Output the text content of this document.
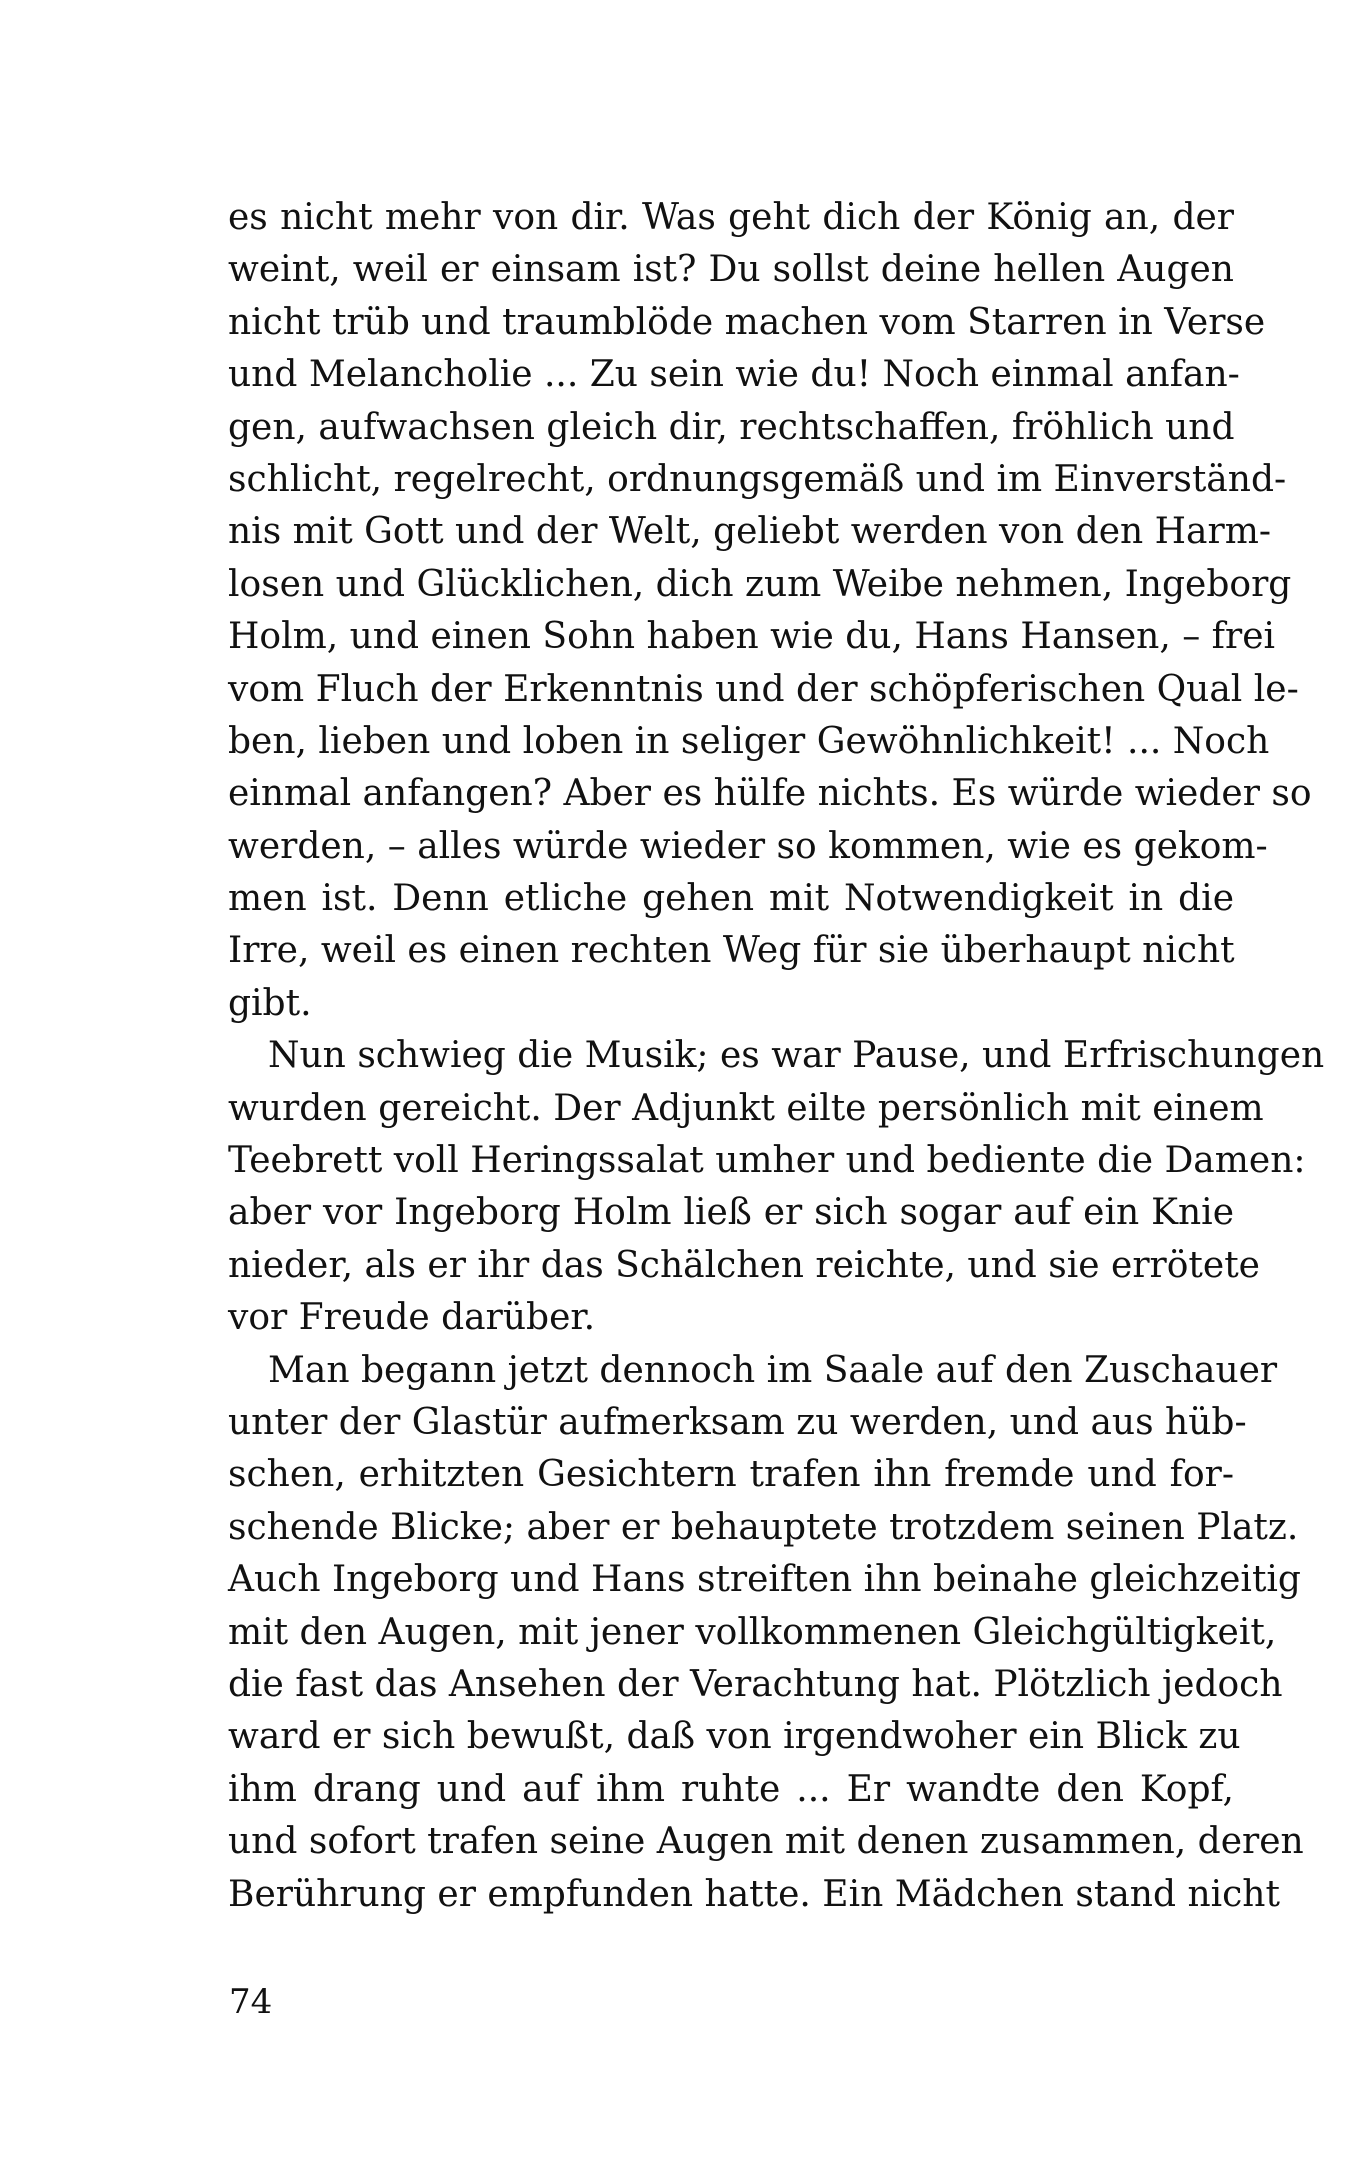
es nicht mehr von dir. Was geht dich der König an, der
weint, weil er einsam ist? Du sollst deine hellen Augen
nicht trüb und traumblöde machen vom Starren in Verse
und Melancholie ... Zu sein wie du! Noch einmal anfan-
gen, aufwachsen gleich dir, rechtschaffen, fröhlich und
schlicht, regelrecht, ordnungsgemäß und im Einverständ-
nis mit Gott und der Welt, geliebt werden von den Harm-
losen und Glücklichen, dich zum Weibe nehmen, Ingeborg
Holm, und einen Sohn haben wie du, Hans Hansen, – frei
vom Fluch der Erkenntnis und der schöpferischen Qual le-
ben, lieben und loben in seliger Gewöhnlichkeit! ... Noch
einmal anfangen? Aber es hülfe nichts. Es würde wieder so
werden, – alles würde wieder so kommen, wie es gekom-
men ist. Denn etliche gehen mit Notwendigkeit in die
Irre, weil es einen rechten Weg für sie überhaupt nicht
gibt.
Nun schwieg die Musik; es war Pause, und Erfrischungen
wurden gereicht. Der Adjunkt eilte persönlich mit einem
Teebrett voll Heringssalat umher und bediente die Damen:
aber vor Ingeborg Holm ließ er sich sogar auf ein Knie
nieder, als er ihr das Schälchen reichte, und sie errötete
vor Freude darüber.
Man begann jetzt dennoch im Saale auf den Zuschauer
unter der Glastür aufmerksam zu werden, und aus hüb-
schen, erhitzten Gesichtern trafen ihn fremde und for-
schende Blicke; aber er behauptete trotzdem seinen Platz.
Auch Ingeborg und Hans streiften ihn beinahe gleichzeitig
mit den Augen, mit jener vollkommenen Gleichgültigkeit,
die fast das Ansehen der Verachtung hat. Plötzlich jedoch
ward er sich bewußt, daß von irgendwoher ein Blick zu
ihm drang und auf ihm ruhte ... Er wandte den Kopf,
und sofort trafen seine Augen mit denen zusammen, deren
Berührung er empfunden hatte. Ein Mädchen stand nicht
74
